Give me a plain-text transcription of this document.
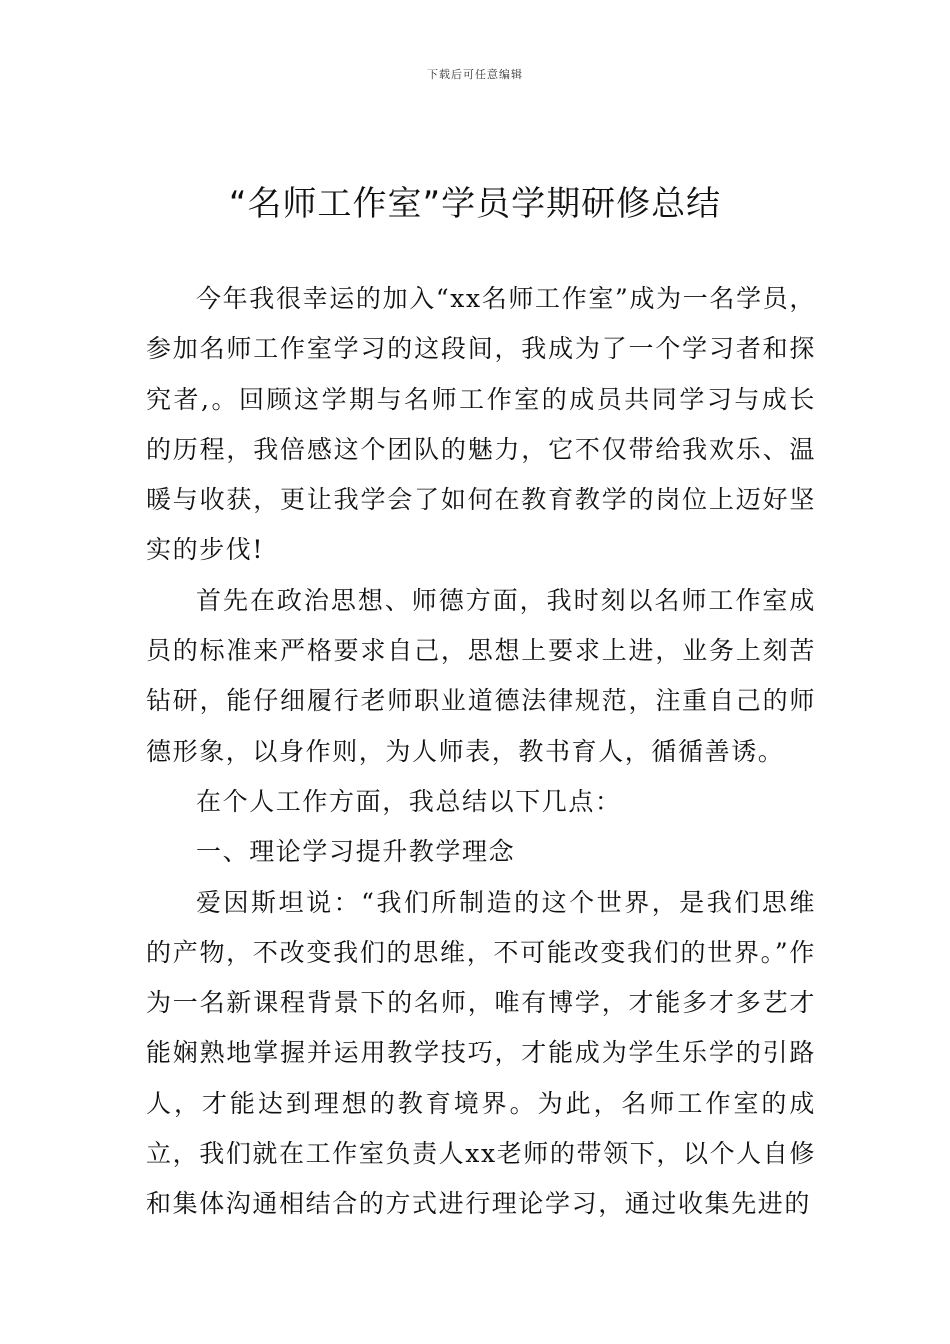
下载后可任意编辑
“名师工作室”学员学期研修总结

今年我很幸运的加入“xx名师工作室”成为一名学员，参加名师工作室学习的这段间，我成为了一个学习者和探究者,。回顾这学期与名师工作室的成员共同学习与成长的历程，我倍感这个团队的魅力，它不仅带给我欢乐、温暖与收获，更让我学会了如何在教育教学的岗位上迈好坚实的步伐!

首先在政治思想、师德方面，我时刻以名师工作室成员的标准来严格要求自己，思想上要求上进，业务上刻苦钻研，能仔细履行老师职业道德法律规范，注重自己的师德形象，以身作则，为人师表，教书育人，循循善诱。

在个人工作方面，我总结以下几点：

一、理论学习提升教学理念

爱因斯坦说：“我们所制造的这个世界，是我们思维的产物，不改变我们的思维，不可能改变我们的世界。”作为一名新课程背景下的名师，唯有博学，才能多才多艺才能娴熟地掌握并运用教学技巧，才能成为学生乐学的引路人，才能达到理想的教育境界。为此，名师工作室的成立，我们就在工作室负责人xx老师的带领下，以个人自修和集体沟通相结合的方式进行理论学习，通过收集先进的
